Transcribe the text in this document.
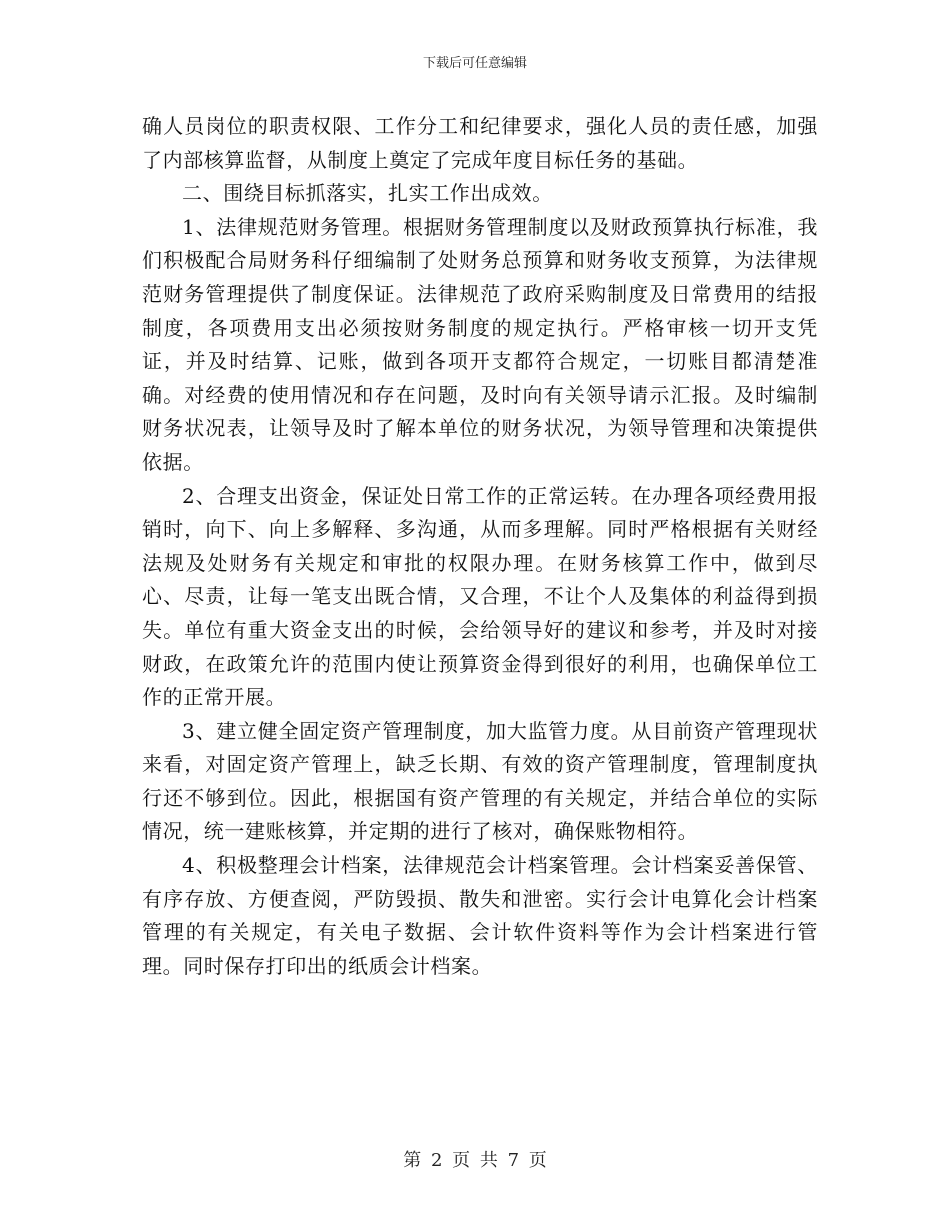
下载后可任意编辑

确人员岗位的职责权限、工作分工和纪律要求，强化人员的责任感，加强了内部核算监督，从制度上奠定了完成年度目标任务的基础。

二、围绕目标抓落实，扎实工作出成效。

1、法律规范财务管理。根据财务管理制度以及财政预算执行标准，我们积极配合局财务科仔细编制了处财务总预算和财务收支预算，为法律规范财务管理提供了制度保证。法律规范了政府采购制度及日常费用的结报制度，各项费用支出必须按财务制度的规定执行。严格审核一切开支凭证，并及时结算、记账，做到各项开支都符合规定，一切账目都清楚准确。对经费的使用情况和存在问题，及时向有关领导请示汇报。及时编制财务状况表，让领导及时了解本单位的财务状况，为领导管理和决策提供依据。

2、合理支出资金，保证处日常工作的正常运转。在办理各项经费用报销时，向下、向上多解释、多沟通，从而多理解。同时严格根据有关财经法规及处财务有关规定和审批的权限办理。在财务核算工作中，做到尽心、尽责，让每一笔支出既合情，又合理，不让个人及集体的利益得到损失。单位有重大资金支出的时候，会给领导好的建议和参考，并及时对接财政，在政策允许的范围内使让预算资金得到很好的利用，也确保单位工作的正常开展。

3、建立健全固定资产管理制度，加大监管力度。从目前资产管理现状来看，对固定资产管理上，缺乏长期、有效的资产管理制度，管理制度执行还不够到位。因此，根据国有资产管理的有关规定，并结合单位的实际情况，统一建账核算，并定期的进行了核对，确保账物相符。

4、积极整理会计档案，法律规范会计档案管理。会计档案妥善保管、有序存放、方便查阅，严防毁损、散失和泄密。实行会计电算化会计档案管理的有关规定，有关电子数据、会计软件资料等作为会计档案进行管理。同时保存打印出的纸质会计档案。

第 2 页 共 7 页
